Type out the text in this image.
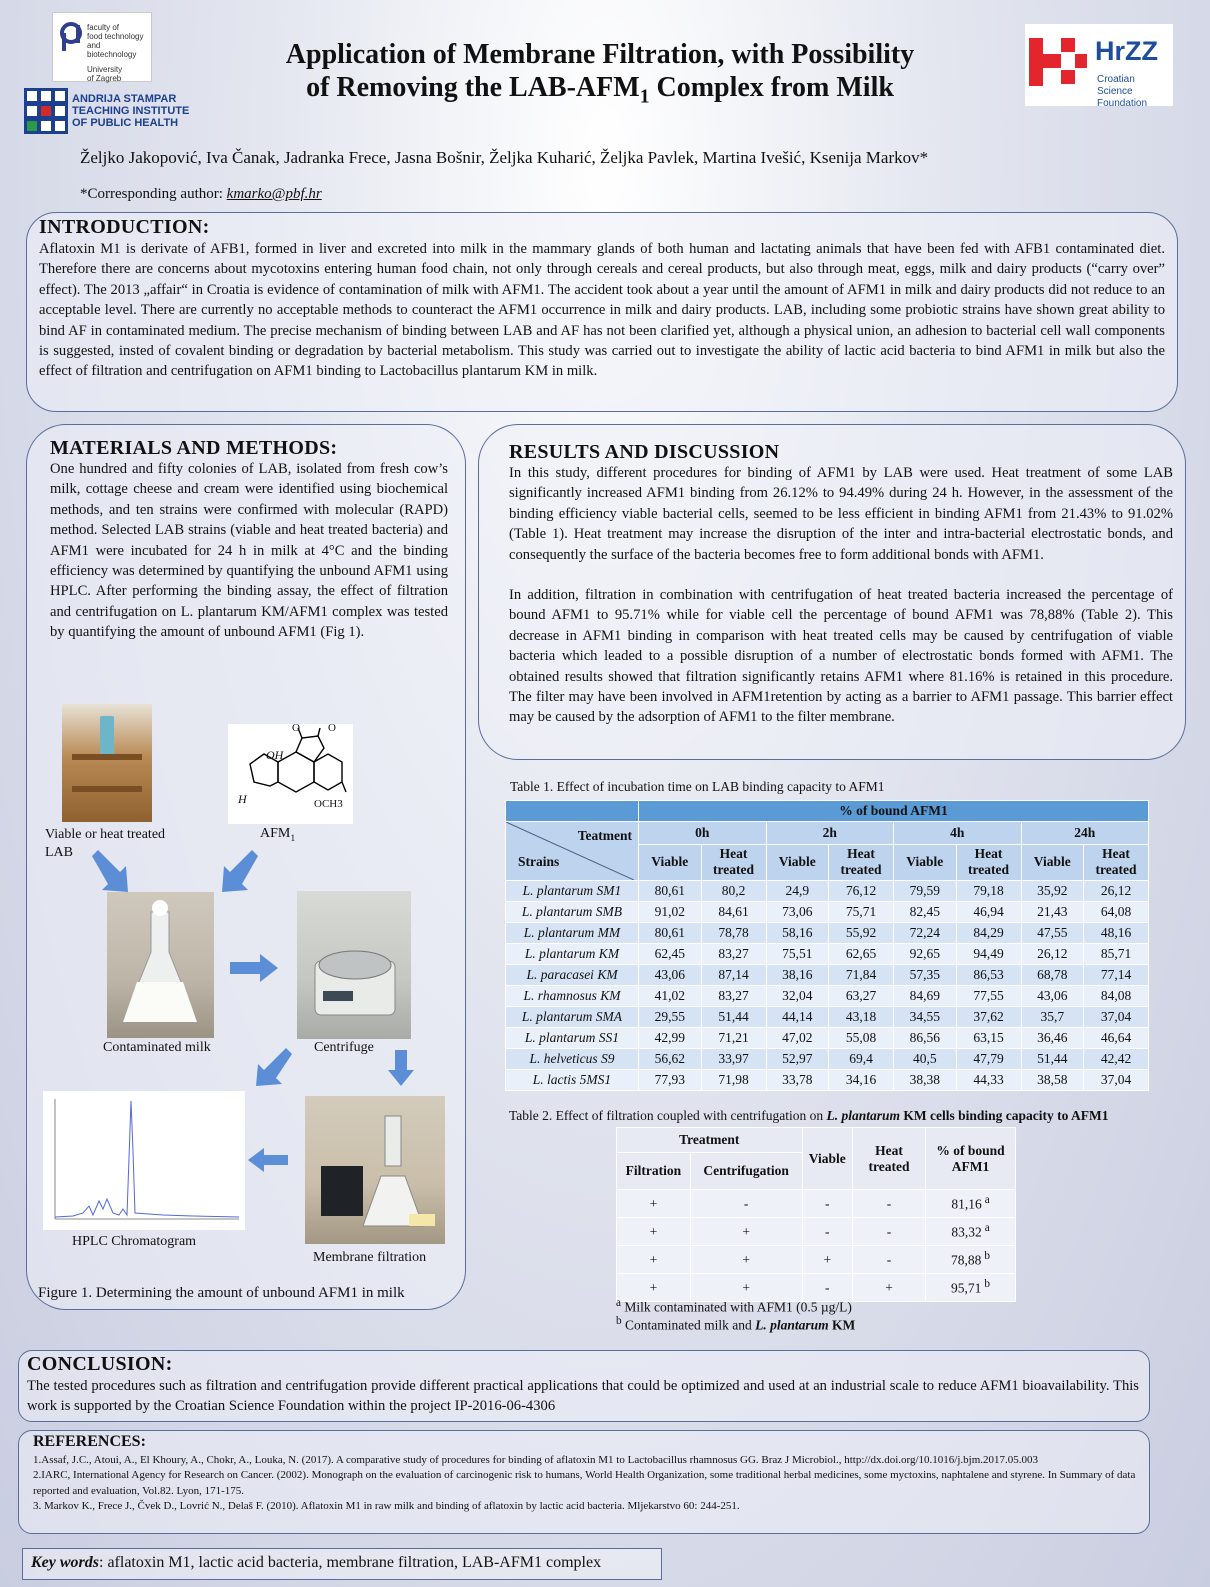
faculty of
food technology
and biotechnology
University
of Zagreb
ANDRIJA STAMPAR
TEACHING INSTITUTE
OF PUBLIC HEALTH
HrZZ
Croatian Science
Foundation
Application of Membrane Filtration, with Possibility
of Removing the LAB-$AFM_1$ Complex from Milk
Željko Jakopović, Iva Čanak, Jadranka Frece, Jasna Bošnir, Željka Kuharić, Željka Pavlek, Martina Ivešić, Ksenija Markov*
*Corresponding author: kmarko@pbf.hr
INTRODUCTION:
Aflatoxin M1 is derivate of AFB1, formed in liver and excreted into milk in the mammary glands of both human and lactating animals that have been fed with AFB1 contaminated diet. Therefore there are concerns about mycotoxins entering human food chain, not only through cereals and cereal products, but also through meat, eggs, milk and dairy products (“carry over” effect). The 2013 „affair“ in Croatia is evidence of contamination of milk with AFM1. The accident took about a year until the amount of AFM1 in milk and dairy products did not reduce to an acceptable level. There are currently no acceptable methods to counteract the AFM1 occurrence in milk and dairy products. LAB, including some probiotic strains have shown great ability to bind AF in contaminated medium. The precise mechanism of binding between LAB and AF has not been clarified yet, although a physical union, an adhesion to bacterial cell wall components is suggested, insted of covalent binding or degradation by bacterial metabolism. This study was carried out to investigate the ability of lactic acid bacteria to bind AFM1 in milk but also the effect of filtration and centrifugation on AFM1 binding to Lactobacillus plantarum KM in milk.
MATERIALS AND METHODS:
One hundred and fifty colonies of LAB, isolated from fresh cow’s milk, cottage cheese and cream were identified using biochemical methods, and ten strains were confirmed with molecular (RAPD) method. Selected LAB strains (viable and heat treated bacteria) and AFM1 were incubated for 24 h in milk at 4°C and the binding efficiency was determined by quantifying the unbound AFM1 using HPLC. After performing the binding assay, the effect of filtration and centrifugation on L. plantarum KM/AFM1 complex was tested by quantifying the amount of unbound AFM1 (Fig 1).
Viable or heat treated
LAB
OH
H	OCH3
O	O
$AFM_1$
Contaminated milk	Centrifuge
HPLC Chromatogram
Membrane filtration
Figure 1. Determining the amount of unbound AFM1 in milk
RESULTS AND DISCUSSION
In this study, different procedures for binding of AFM1 by LAB were used. Heat treatment of some LAB significantly increased AFM1 binding from 26.12% to 94.49% during 24 h. However, in the assessment of the binding efficiency viable bacterial cells, seemed to be less efficient in binding AFM1 from 21.43% to 91.02% (Table 1). Heat treatment may increase the disruption of the inter and intra-bacterial electrostatic bonds, and consequently the surface of the bacteria becomes free to form additional bonds with AFM1.
In addition, filtration in combination with centrifugation of heat treated bacteria increased the percentage of bound AFM1 to 95.71% while for viable cell the percentage of bound AFM1 was 78,88% (Table 2). This decrease in AFM1 binding in comparison with heat treated cells may be caused by centrifugation of viable bacteria which leaded to a possible disruption of a number of electrostatic bonds formed with AFM1. The obtained results showed that filtration significantly retains AFM1 where 81.16% is retained in this procedure. The filter may have been involved in AFM1retention by acting as a barrier to AFM1 passage. This barrier effect may be caused by the adsorption of AFM1 to the filter membrane.
Table 1. Effect of incubation time on LAB binding capacity to AFM1
	% of bound AFM1							

Teatment
Strains	0h		2h		4h		24h	
	Viable	Heat treated	Viable	Heat treated	Viable	Heat treated	Viable	Heat treated
L. plantarum SM1	80,61	80,2	24,9	76,12	79,59	79,18	35,92	26,12
L. plantarum SMB	91,02	84,61	73,06	75,71	82,45	46,94	21,43	64,08
L. plantarum MM	80,61	78,78	58,16	55,92	72,24	84,29	47,55	48,16
L. plantarum KM	62,45	83,27	75,51	62,65	92,65	94,49	26,12	85,71
L. paracasei KM	43,06	87,14	38,16	71,84	57,35	86,53	68,78	77,14
L. rhamnosus KM	41,02	83,27	32,04	63,27	84,69	77,55	43,06	84,08
L. plantarum SMA	29,55	51,44	44,14	43,18	34,55	37,62	35,7	37,04
L. plantarum SS1	42,99	71,21	47,02	55,08	86,56	63,15	36,46	46,64
L. helveticus S9	56,62	33,97	52,97	69,4	40,5	47,79	51,44	42,42
L. lactis 5MS1	77,93	71,98	33,78	34,16	38,38	44,33	38,58	37,04
Table 2. Effect of filtration coupled with centrifugation on L. plantarum KM cells binding capacity to AFM1
Treatment		Viable	Heat treated	% of bound
AFM1

Filtration	Centrifugation			
+	-	-	-	81,16 $^a$
+	+	-	-	83,32 $^a$
+	+	+	-	78,88 $^b$
+	+	-	+	95,71 $^b$
$^a$ Milk contaminated with AFM1 (0.5 µg/L)
$^b$ Contaminated milk and L. plantarum KM
CONCLUSION:
The tested procedures such as filtration and centrifugation provide different practical applications that could be optimized and used at an industrial scale to reduce AFM1 bioavailability. This work is supported by the Croatian Science Foundation within the project IP-2016-06-4306
REFERENCES:
1.Assaf, J.C., Atoui, A., El Khoury, A., Chokr, A., Louka, N. (2017). A comparative study of procedures for binding of aflatoxin M1 to Lactobacillus rhamnosus GG. Braz J Microbiol., http://dx.doi.org/10.1016/j.bjm.2017.05.003
2.IARC, International Agency for Research on Cancer. (2002). Monograph on the evaluation of carcinogenic risk to humans, World Health Organization, some traditional herbal medicines, some myctoxins, naphtalene and styrene. In Summary of data reported and evaluation, Vol.82. Lyon, 171-175.
3. Markov K., Frece J., Čvek D., Lovrić N., Delaš F. (2010). Aflatoxin M1 in raw milk and binding of aflatoxin by lactic acid bacteria. Mljekarstvo 60: 244-251.
Key words: aflatoxin M1, lactic acid bacteria, membrane filtration, LAB-AFM1 complex
